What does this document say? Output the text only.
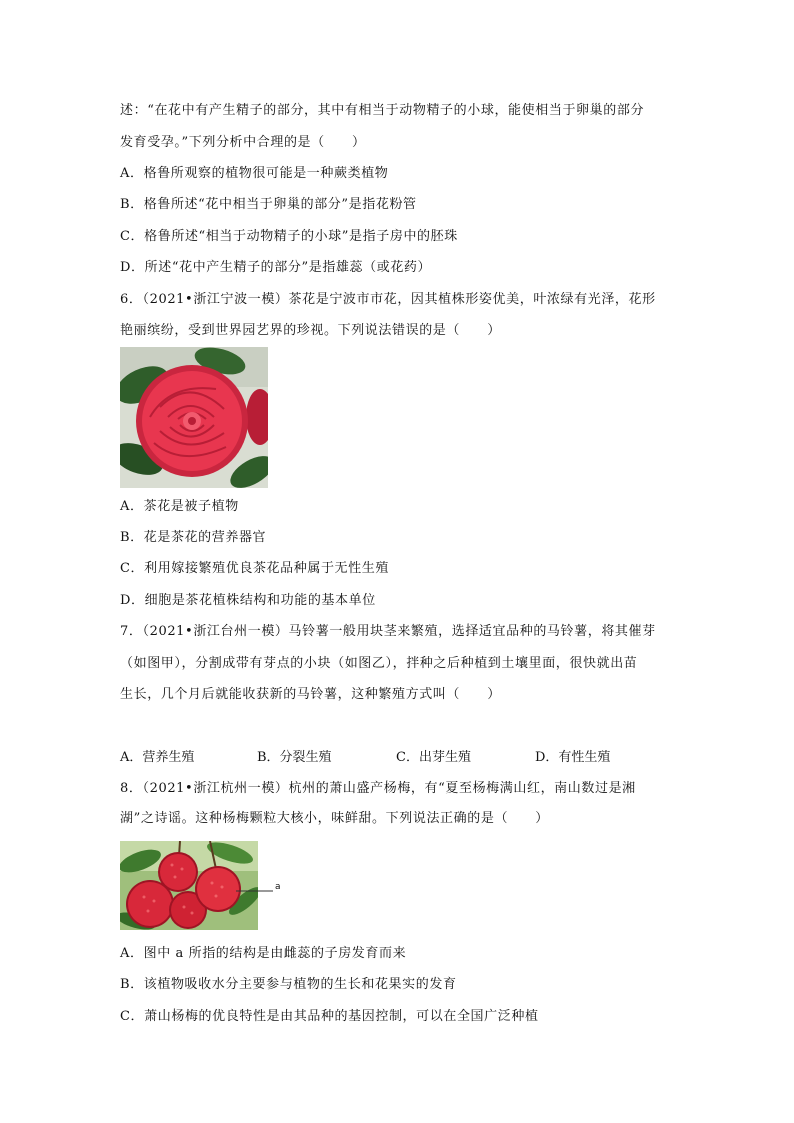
述：“在花中有产生精子的部分，其中有相当于动物精子的小球，能使相当于卵巢的部分
发育受孕。”下列分析中合理的是（　　）
A．格鲁所观察的植物很可能是一种蕨类植物
B．格鲁所述“花中相当于卵巢的部分”是指花粉管
C．格鲁所述“相当于动物精子的小球”是指子房中的胚珠
D．所述“花中产生精子的部分”是指雄蕊（或花药）
6．（2021•浙江宁波一模）茶花是宁波市市花，因其植株形姿优美，叶浓绿有光泽，花形
艳丽缤纷，受到世界园艺界的珍视。下列说法错误的是（　　）
A．茶花是被子植物
B．花是茶花的营养器官
C．利用嫁接繁殖优良茶花品种属于无性生殖
D．细胞是茶花植株结构和功能的基本单位
7．（2021•浙江台州一模）马铃薯一般用块茎来繁殖，选择适宜品种的马铃薯，将其催芽
（如图甲），分割成带有芽点的小块（如图乙），拌种之后种植到土壤里面，很快就出苗
生长，几个月后就能收获新的马铃薯，这种繁殖方式叫（　　）
A．营养生殖	B．分裂生殖	C．出芽生殖	D．有性生殖
8．（2021•浙江杭州一模）杭州的萧山盛产杨梅，有“夏至杨梅满山红，南山数过是湘
湖”之诗谣。这种杨梅颗粒大核小，味鲜甜。下列说法正确的是（　　）
a
A．图中 a 所指的结构是由雌蕊的子房发育而来
B．该植物吸收水分主要参与植物的生长和花果实的发育
C．萧山杨梅的优良特性是由其品种的基因控制，可以在全国广泛种植
